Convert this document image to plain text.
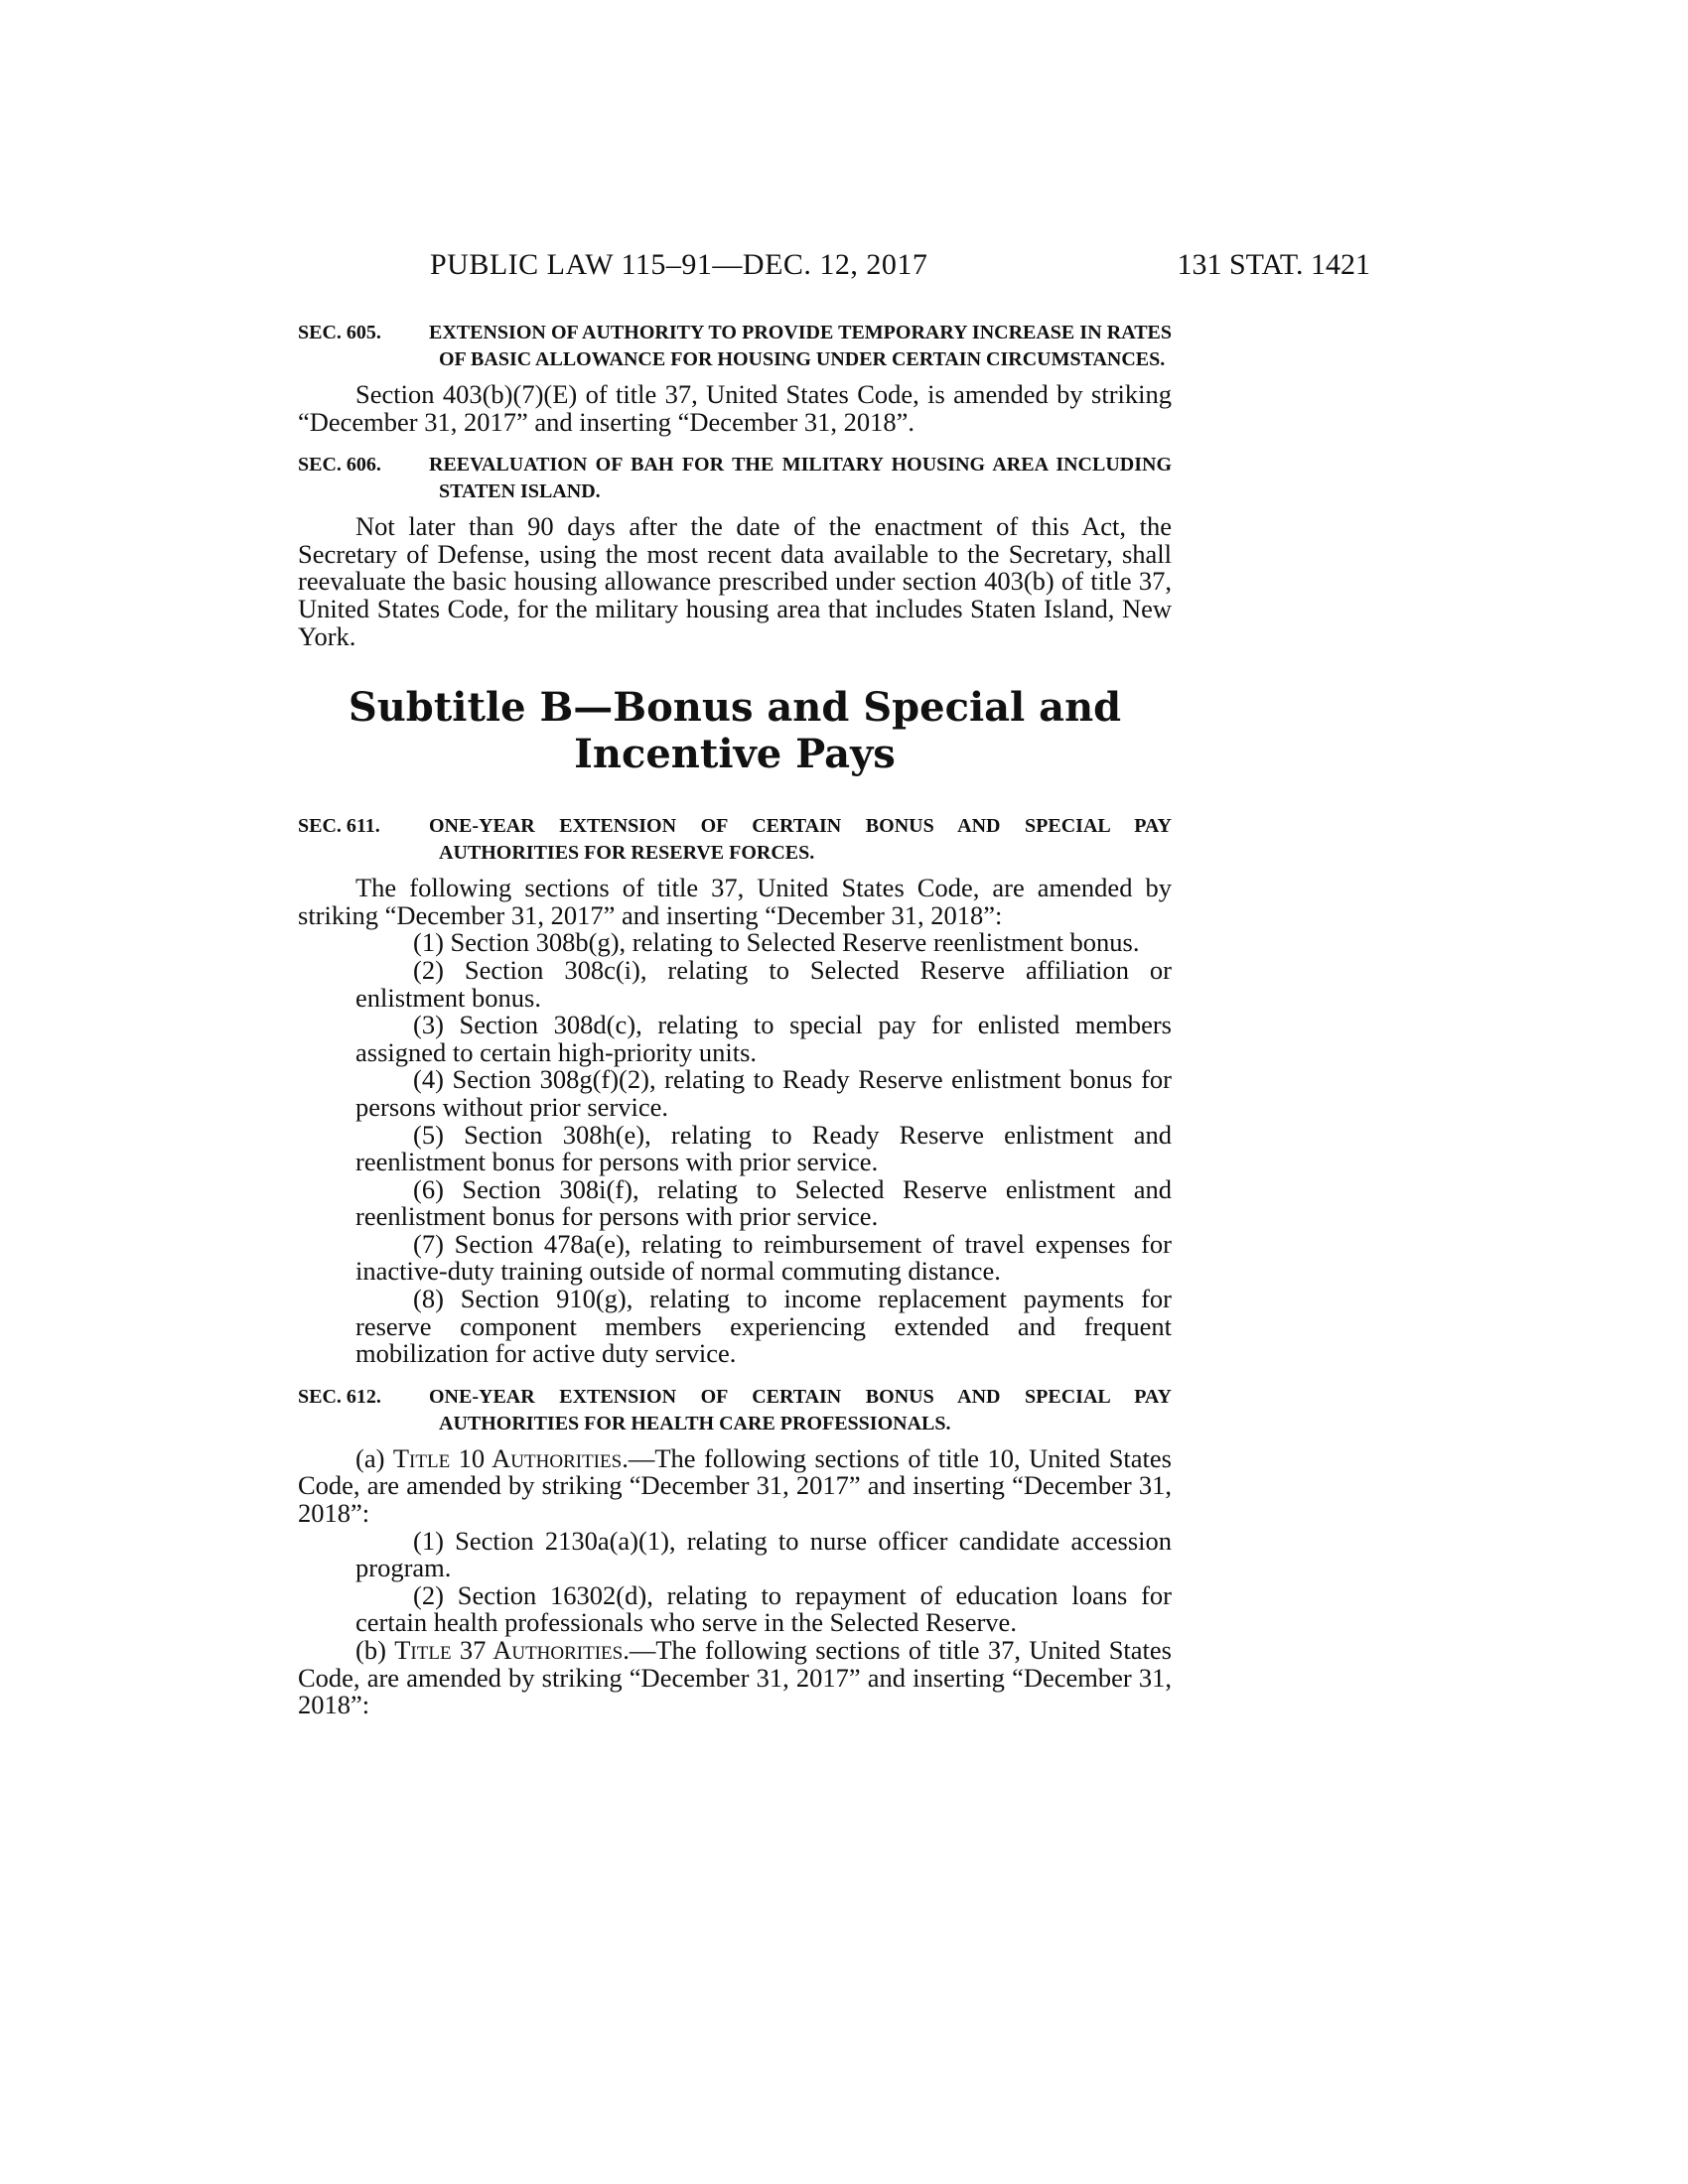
PUBLIC LAW 115–91—DEC. 12, 2017	131 STAT. 1421
SEC. 605. EXTENSION OF AUTHORITY TO PROVIDE TEMPORARY INCREASE IN RATES OF BASIC ALLOWANCE FOR HOUSING UNDER CERTAIN CIRCUMSTANCES.

Section 403(b)(7)(E) of title 37, United States Code, is amended by striking “December 31, 2017” and inserting “December 31, 2018”.

SEC. 606. REEVALUATION OF BAH FOR THE MILITARY HOUSING AREA INCLUDING STATEN ISLAND.

Not later than 90 days after the date of the enactment of this Act, the Secretary of Defense, using the most recent data available to the Secretary, shall reevaluate the basic housing allowance prescribed under section 403(b) of title 37, United States Code, for the military housing area that includes Staten Island, New York.

Subtitle B—Bonus and Special and
Incentive Pays
SEC. 611. ONE-YEAR EXTENSION OF CERTAIN BONUS AND SPECIAL PAY AUTHORITIES FOR RESERVE FORCES.

The following sections of title 37, United States Code, are amended by striking “December 31, 2017” and inserting “December 31, 2018”:

(1) Section 308b(g), relating to Selected Reserve reenlistment bonus.

(2) Section 308c(i), relating to Selected Reserve affiliation or enlistment bonus.

(3) Section 308d(c), relating to special pay for enlisted members assigned to certain high-priority units.

(4) Section 308g(f)(2), relating to Ready Reserve enlistment bonus for persons without prior service.

(5) Section 308h(e), relating to Ready Reserve enlistment and reenlistment bonus for persons with prior service.

(6) Section 308i(f), relating to Selected Reserve enlistment and reenlistment bonus for persons with prior service.

(7) Section 478a(e), relating to reimbursement of travel expenses for inactive-duty training outside of normal commuting distance.

(8) Section 910(g), relating to income replacement payments for reserve component members experiencing extended and frequent mobilization for active duty service.

SEC. 612. ONE-YEAR EXTENSION OF CERTAIN BONUS AND SPECIAL PAY AUTHORITIES FOR HEALTH CARE PROFESSIONALS.

(a) Title 10 Authorities.—The following sections of title 10, United States Code, are amended by striking “December 31, 2017” and inserting “December 31, 2018”:

(1) Section 2130a(a)(1), relating to nurse officer candidate accession program.

(2) Section 16302(d), relating to repayment of education loans for certain health professionals who serve in the Selected Reserve.

(b) Title 37 Authorities.—The following sections of title 37, United States Code, are amended by striking “December 31, 2017” and inserting “December 31, 2018”:
